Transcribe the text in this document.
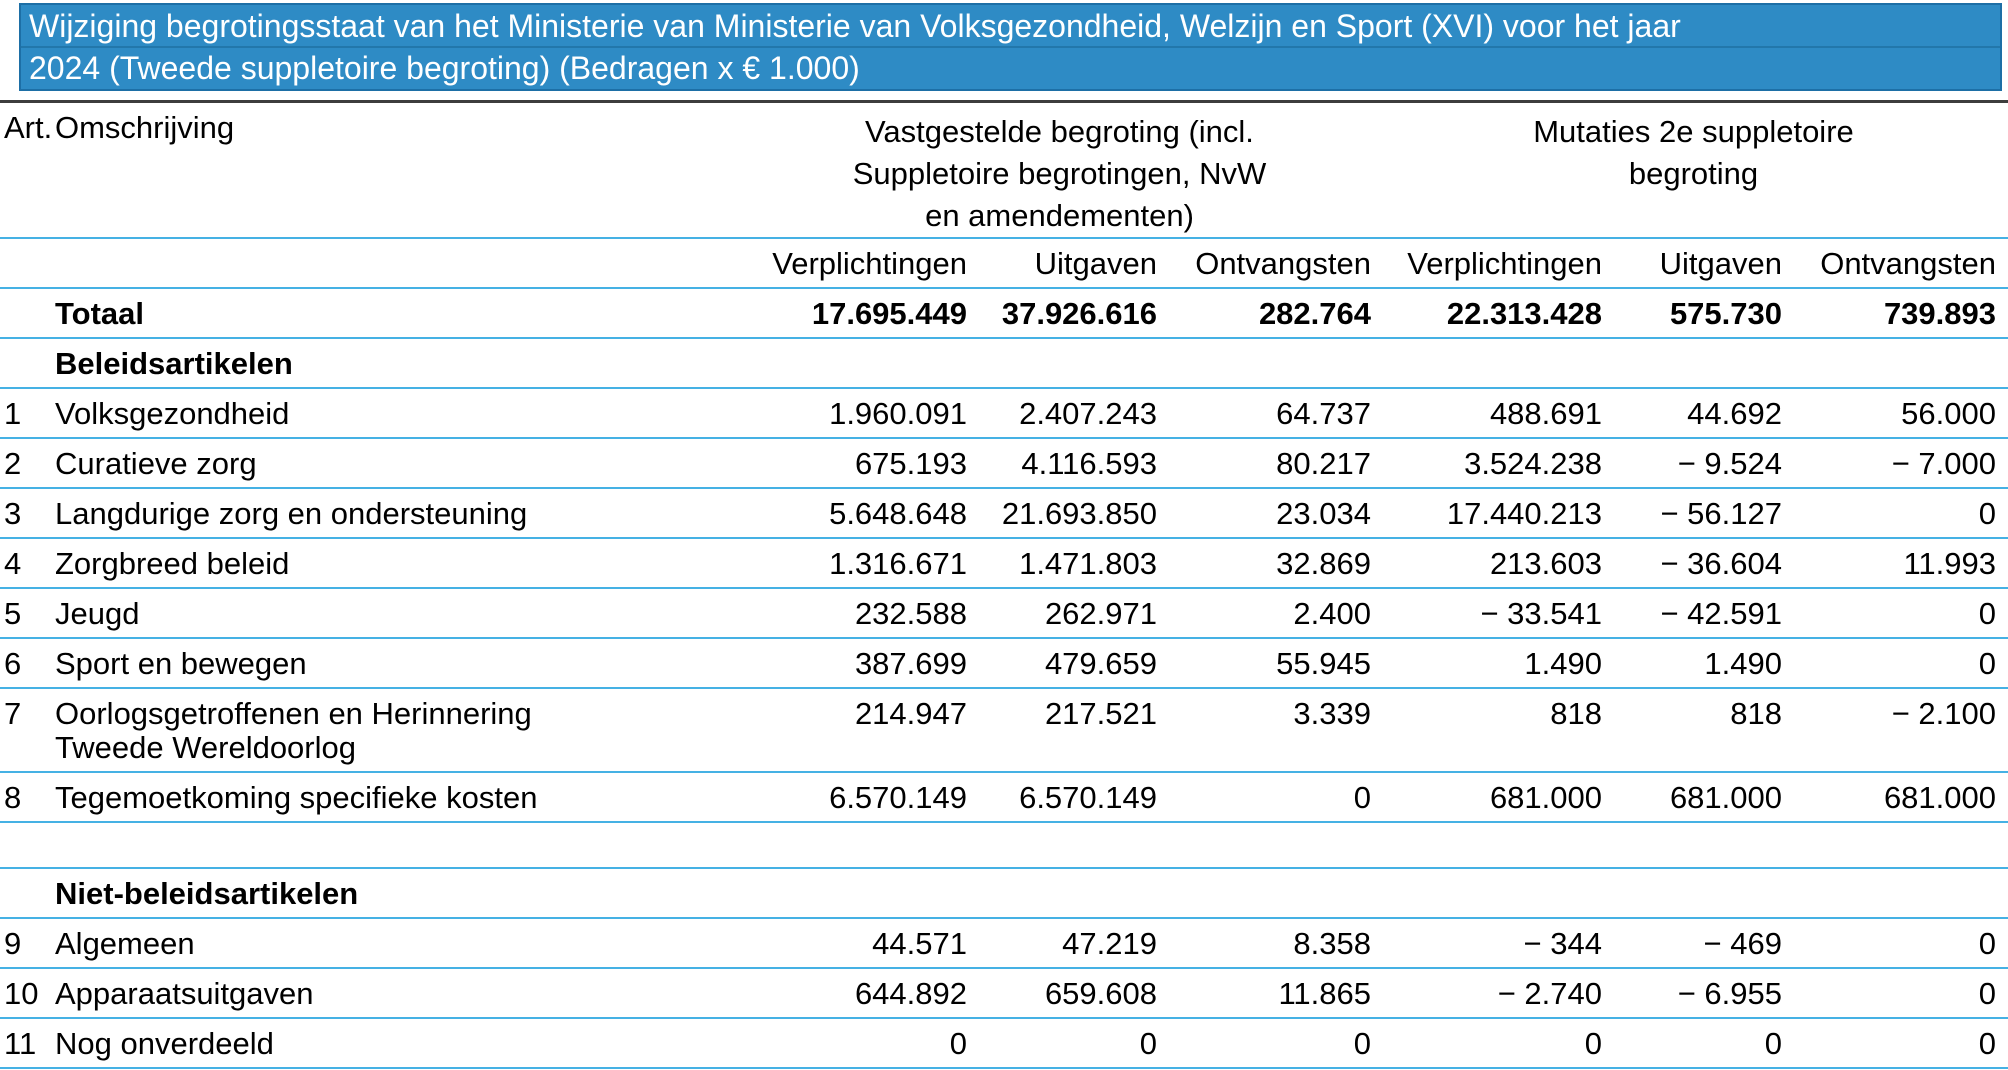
Wijziging begrotingsstaat van het Ministerie van Ministerie van Volksgezondheid, Welzijn en Sport (XVI) voor het jaar
2024 (Tweede suppletoire begroting) (Bedragen x € 1.000)
Art.	Omschrijving	Vastgestelde begroting (incl. Suppletoire begrotingen, NvW en amendementen)			Mutaties 2e suppletoire begroting		

		Verplichtingen	Uitgaven	Ontvangsten	Verplichtingen	Uitgaven	Ontvangsten

	Totaal	17.695.449	37.926.616	282.764	22.313.428	575.730	739.893

	Beleidsartikelen						

1	Volksgezondheid	1.960.091	2.407.243	64.737	488.691	44.692	56.000
2	Curatieve zorg	675.193	4.116.593	80.217	3.524.238	− 9.524	− 7.000
3	Langdurige zorg en ondersteuning	5.648.648	21.693.850	23.034	17.440.213	− 56.127	0
4	Zorgbreed beleid	1.316.671	1.471.803	32.869	213.603	− 36.604	11.993
5	Jeugd	232.588	262.971	2.400	− 33.541	− 42.591	0
6	Sport en bewegen	387.699	479.659	55.945	1.490	1.490	0
7	Oorlogsgetroffenen en Herinnering Tweede Wereldoorlog	214.947	217.521	3.339	818	818	− 2.100
8	Tegemoetkoming specifieke kosten	6.570.149	6.570.149	0	681.000	681.000	681.000

	Niet-beleidsartikelen						

9	Algemeen	44.571	47.219	8.358	− 344	− 469	0
10	Apparaatsuitgaven	644.892	659.608	11.865	− 2.740	− 6.955	0
11	Nog onverdeeld	0	0	0	0	0	0
